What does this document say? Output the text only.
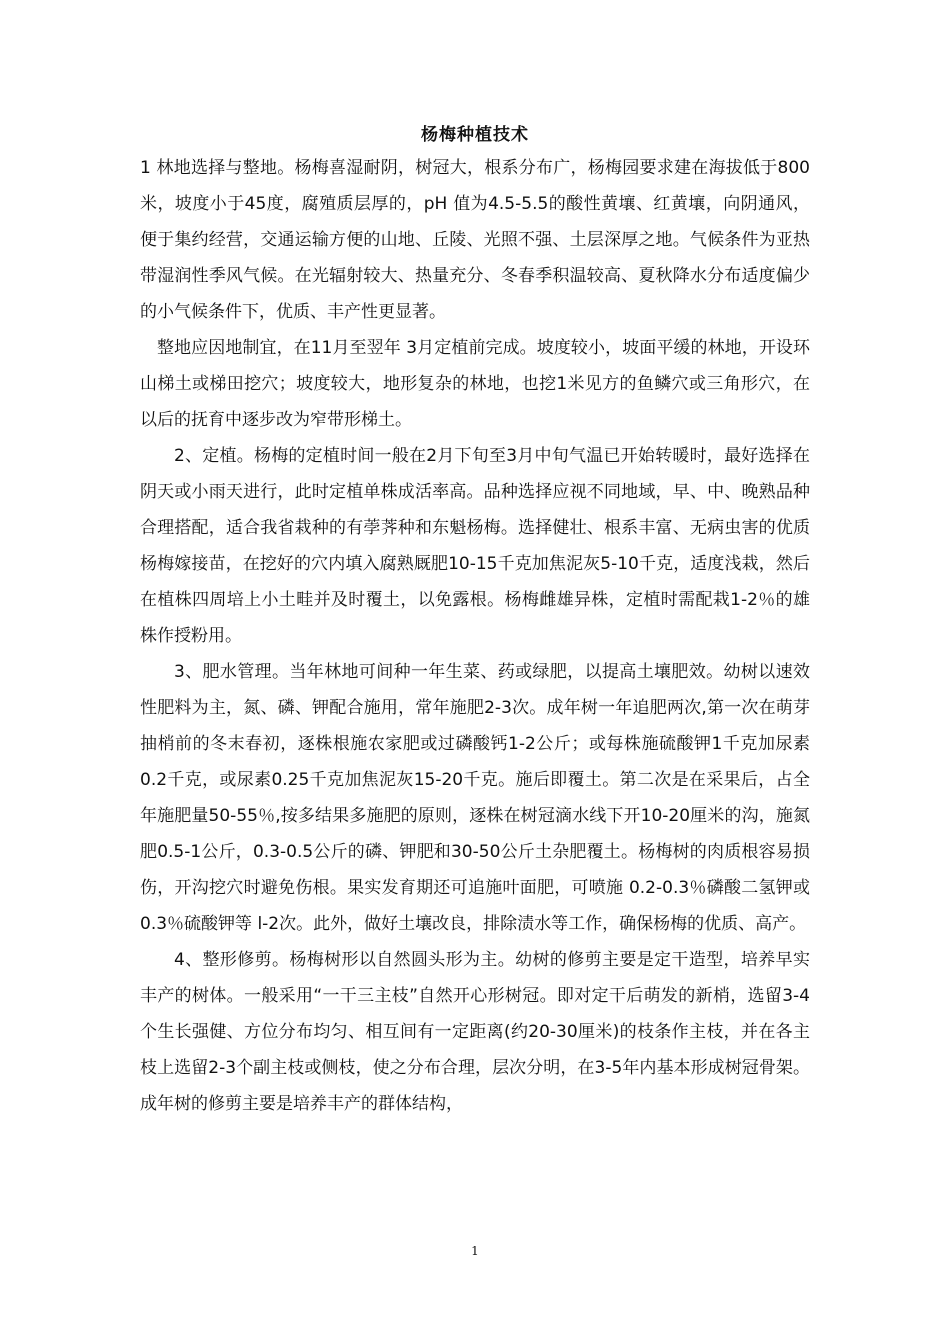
杨梅种植技术

1 林地选择与整地。杨梅喜湿耐阴，树冠大，根系分布广，杨梅园要求建在海拔低于800米，坡度小于45度，腐殖质层厚的，pH 值为4.5-5.5的酸性黄壤、红黄壤，向阴通风，便于集约经营，交通运输方便的山地、丘陵、光照不强、土层深厚之地。气候条件为亚热带湿润性季风气候。在光辐射较大、热量充分、冬春季积温较高、夏秋降水分布适度偏少的小气候条件下，优质、丰产性更显著。

整地应因地制宜，在11月至翌年 3月定植前完成。坡度较小，坡面平缓的林地，开设环山梯土或梯田挖穴；坡度较大，地形复杂的林地，也挖1米见方的鱼鳞穴或三角形穴，在以后的抚育中逐步改为窄带形梯土。

2、定植。杨梅的定植时间一般在2月下旬至3月中旬气温已开始转暖时，最好选择在阴天或小雨天进行，此时定植单株成活率高。品种选择应视不同地域，早、中、晚熟品种合理搭配，适合我省栽种的有荸荠种和东魁杨梅。选择健壮、根系丰富、无病虫害的优质杨梅嫁接苗，在挖好的穴内填入腐熟厩肥10-15千克加焦泥灰5-10千克，适度浅栽，然后在植株四周培上小土畦并及时覆土，以免露根。杨梅雌雄异株，定植时需配栽1-2％的雄株作授粉用。

3、肥水管理。当年林地可间种一年生菜、药或绿肥，以提高土壤肥效。幼树以速效性肥料为主，氮、磷、钾配合施用，常年施肥2-3次。成年树一年追肥两次,第一次在萌芽抽梢前的冬末春初，逐株根施农家肥或过磷酸钙1-2公斤；或每株施硫酸钾1千克加尿素0.2千克，或尿素0.25千克加焦泥灰15-20千克。施后即覆土。第二次是在采果后，占全年施肥量50-55％,按多结果多施肥的原则，逐株在树冠滴水线下开10-20厘米的沟，施氮肥0.5-1公斤，0.3-0.5公斤的磷、钾肥和30-50公斤土杂肥覆土。杨梅树的肉质根容易损伤，开沟挖穴时避免伤根。果实发育期还可追施叶面肥，可喷施 0.2-0.3％磷酸二氢钾或0.3％硫酸钾等 l-2次。此外，做好土壤改良，排除渍水等工作，确保杨梅的优质、高产。

4、整形修剪。杨梅树形以自然圆头形为主。幼树的修剪主要是定干造型，培养早实丰产的树体。一般采用“一干三主枝”自然开心形树冠。即对定干后萌发的新梢，选留3-4个生长强健、方位分布均匀、相互间有一定距离(约20-30厘米)的枝条作主枝，并在各主枝上选留2-3个副主枝或侧枝，使之分布合理，层次分明，在3-5年内基本形成树冠骨架。成年树的修剪主要是培养丰产的群体结构，

1
